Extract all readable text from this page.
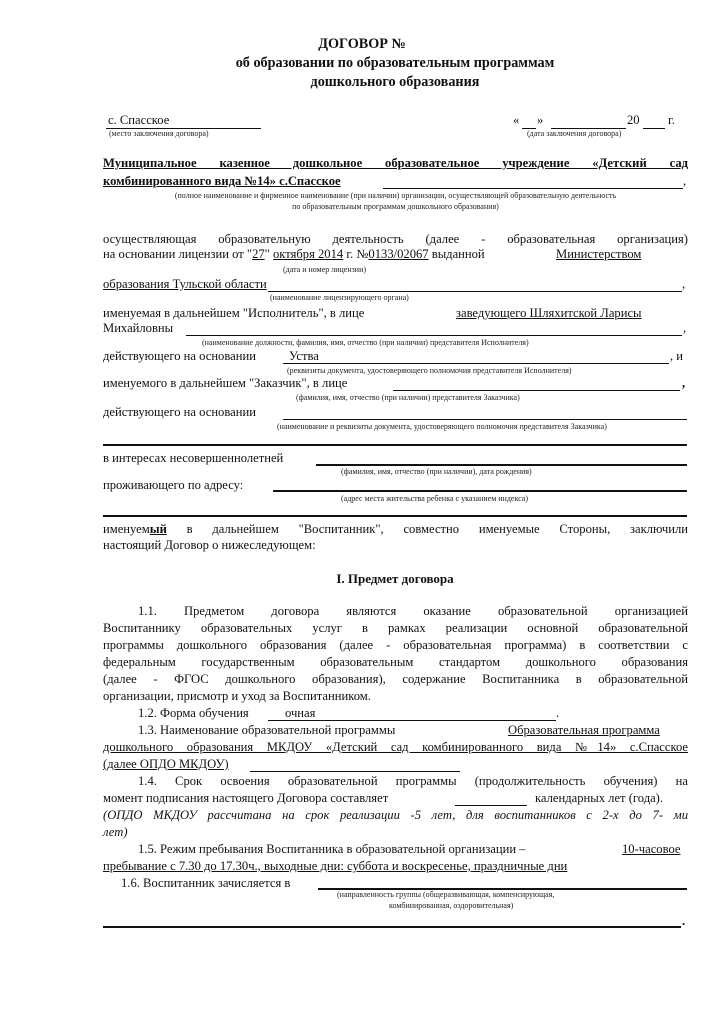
ДОГОВОР №
об образовании по образовательным программам
дошкольного образования
с. Спасское
(место заключения договора)
« »	20 г.
(дата заключения договора)
Муниципальное казенное дошкольное образовательное учреждение «Детский сад
комбинированного вида №14» с.Спасское	,
(полное наименование и фирменное наименование (при наличии) организации, осуществляющей образовательную деятельность
по образовательным программам дошкольного образования)
осуществляющая образовательную деятельность (далее - образовательная организация)
на основании лицензии от "27" октября 2014 г. №0133/02067 выданной	Министерством
(дата и номер лицензии)
образования Тульской области	,
(наименование лицензирующего органа)
именуемая в дальнейшем "Исполнитель", в лице	заведующего Шляхитской Ларисы
Михайловны	,
(наименование должности, фамилия, имя, отчество (при наличии) представителя Исполнителя)
действующего на основании	Уства	, и
(реквизиты документа, удостоверяющего полномочия представителя Исполнителя)
именуемого в дальнейшем "Заказчик", в лице	,
(фамилия, имя, отчество (при наличии) представителя Заказчика)
действующего на основании
(наименование и реквизиты документа, удостоверяющего полномочия представителя Заказчика)
в интересах несовершеннолетней
(фамилия, имя, отчество (при наличии), дата рождения)
проживающего по адресу:
(адрес места жительства ребенка с указанием индекса)
именуемый в дальнейшем "Воспитанник", совместно именуемые Стороны, заключили
настоящий Договор о нижеследующем:
I. Предмет договора
1.1. Предметом договора являются оказание образовательной организацией
Воспитаннику образовательных услуг в рамках реализации основной образовательной
программы дошкольного образования (далее - образовательная программа) в соответствии с
федеральным государственным образовательным стандартом дошкольного образования
(далее - ФГОС дошкольного образования), содержание Воспитанника в образовательной
организации, присмотр и уход за Воспитанником.
1.2. Форма обучения	очная	.
1.3. Наименование образовательной программы	Образовательная программа
дошкольного образования МКДОУ «Детский сад комбинированного вида №14» с.Спасское
(далее ОПДО МКДОУ)
1.4. Срок освоения образовательной программы (продолжительность обучения) на
момент подписания настоящего Договора составляет	календарных лет (года).
(ОПДО МКДОУ рассчитана на срок реализации -5 лет, для воспитанников с 2-х до 7- ми
лет)
1.5. Режим пребывания Воспитанника в образовательной организации –	10-часовое
пребывание с 7.30 до 17.30ч., выходные дни: суббота и воскресенье, праздничные дни
1.6. Воспитанник зачисляется в
(направленность группы (общеразвивающая, компенсирующая,
комбинированная, оздоровительная)
.
